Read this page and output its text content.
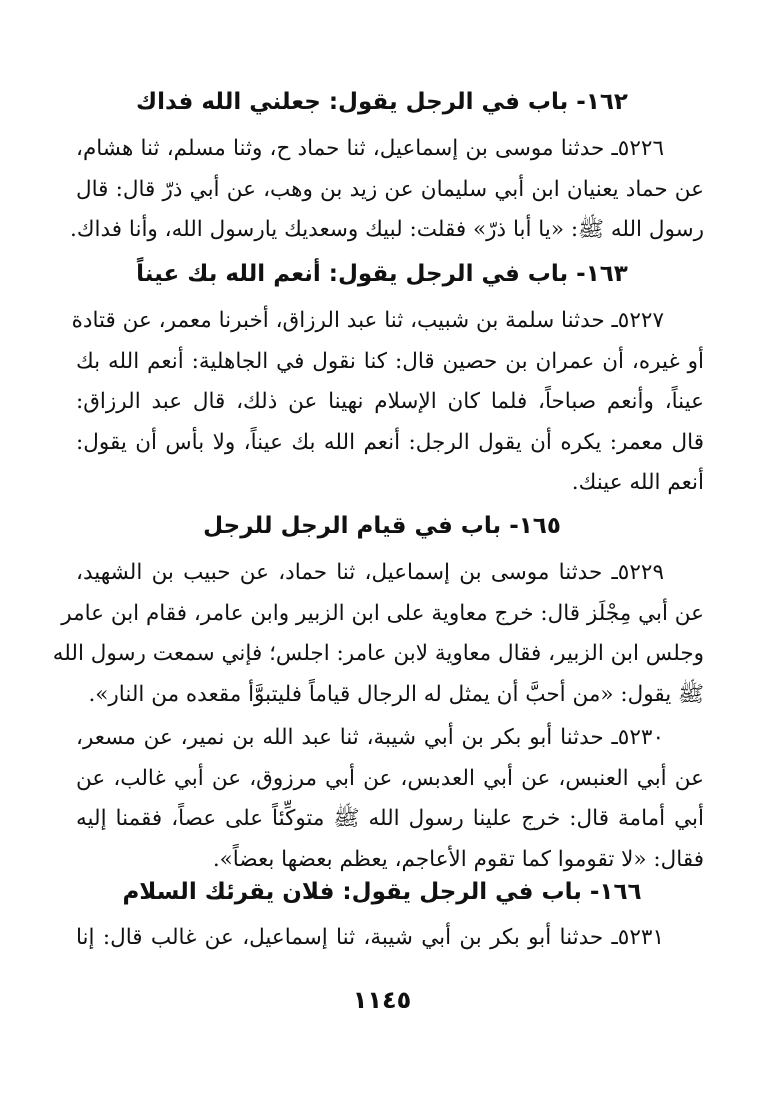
١٦٢- باب في الرجل يقول: جعلني الله فداك
٥٢٢٦ـ حدثنا موسى بن إسماعيل، ثنا حماد ح، وثنا مسلم، ثنا هشام،
عن حماد يعنيان ابن أبي سليمان عن زيد بن وهب، عن أبي ذرّ قال: قال
رسول الله ﷺ: «يا أبا ذرّ» فقلت: لبيك وسعديك يارسول الله، وأنا فداك.
١٦٣- باب في الرجل يقول: أنعم الله بك عيناً
٥٢٢٧ـ حدثنا سلمة بن شبيب، ثنا عبد الرزاق، أخبرنا معمر، عن قتادة
أو غيره، أن عمران بن حصين قال: كنا نقول في الجاهلية: أنعم الله بك
عيناً، وأنعم صباحاً، فلما كان الإسلام نهينا عن ذلك، قال عبد الرزاق:
قال معمر: يكره أن يقول الرجل: أنعم الله بك عيناً، ولا بأس أن يقول:
أنعم الله عينك.
١٦٥- باب في قيام الرجل للرجل
٥٢٢٩ـ حدثنا موسى بن إسماعيل، ثنا حماد، عن حبيب بن الشهيد،
عن أبي مِجْلَز قال: خرج معاوية على ابن الزبير وابن عامر، فقام ابن عامر
وجلس ابن الزبير، فقال معاوية لابن عامر: اجلس؛ فإني سمعت رسول الله
ﷺ يقول: «من أحبَّ أن يمثل له الرجال قياماً فليتبوَّأ مقعده من النار».
٥٢٣٠ـ حدثنا أبو بكر بن أبي شيبة، ثنا عبد الله بن نمير، عن مسعر،
عن أبي العنبس، عن أبي العدبس، عن أبي مرزوق، عن أبي غالب، عن
أبي أمامة قال: خرج علينا رسول الله ﷺ متوكِّئاً على عصاً، فقمنا إليه
فقال: «لا تقوموا كما تقوم الأعاجم، يعظم بعضها بعضاً».
١٦٦- باب في الرجل يقول: فلان يقرئك السلام
٥٢٣١ـ حدثنا أبو بكر بن أبي شيبة، ثنا إسماعيل، عن غالب قال: إنا
١١٤٥
